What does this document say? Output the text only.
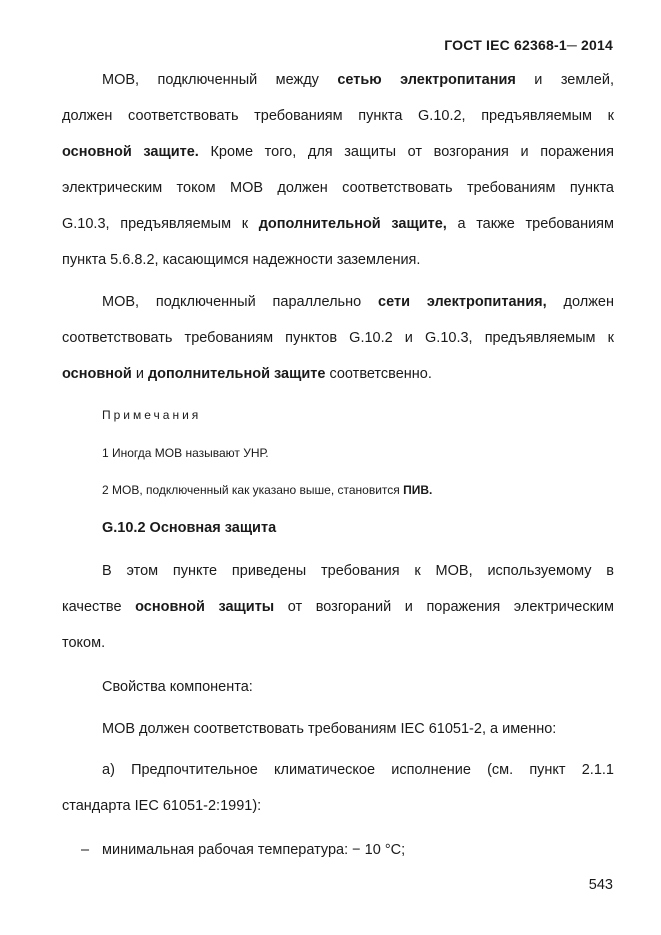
ГОСТ IEC 62368-1─ 2014
МОВ, подключенный между сетью электропитания и землей,
должен соответствовать требованиям пункта G.10.2, предъявляемым к
основной защите. Кроме того, для защиты от возгорания и поражения
электрическим током МОВ должен соответствовать требованиям пункта
G.10.3, предъявляемым к дополнительной защите, а также требованиям
пункта 5.6.8.2, касающимся надежности заземления.
МОВ, подключенный параллельно сети электропитания, должен
соответствовать требованиям пунктов G.10.2 и G.10.3, предъявляемым к
основной и дополнительной защите соответсвенно.

Примечания

1 Иногда МОВ называют УНР.

2 МОВ, подключенный как указано выше, становится ПИВ.

G.10.2 Основная защита

В этом пункте приведены требования к МОВ, используемому в
качестве основной защиты от возгораний и поражения электрическим
током.
Свойства компонента:
МОВ должен соответствовать требованиям IEC 61051-2, а именно:
а) Предпочтительное климатическое исполнение (см. пункт 2.1.1
стандарта IEC 61051-2:1991):
– минимальная рабочая температура: − 10 °С;

543
